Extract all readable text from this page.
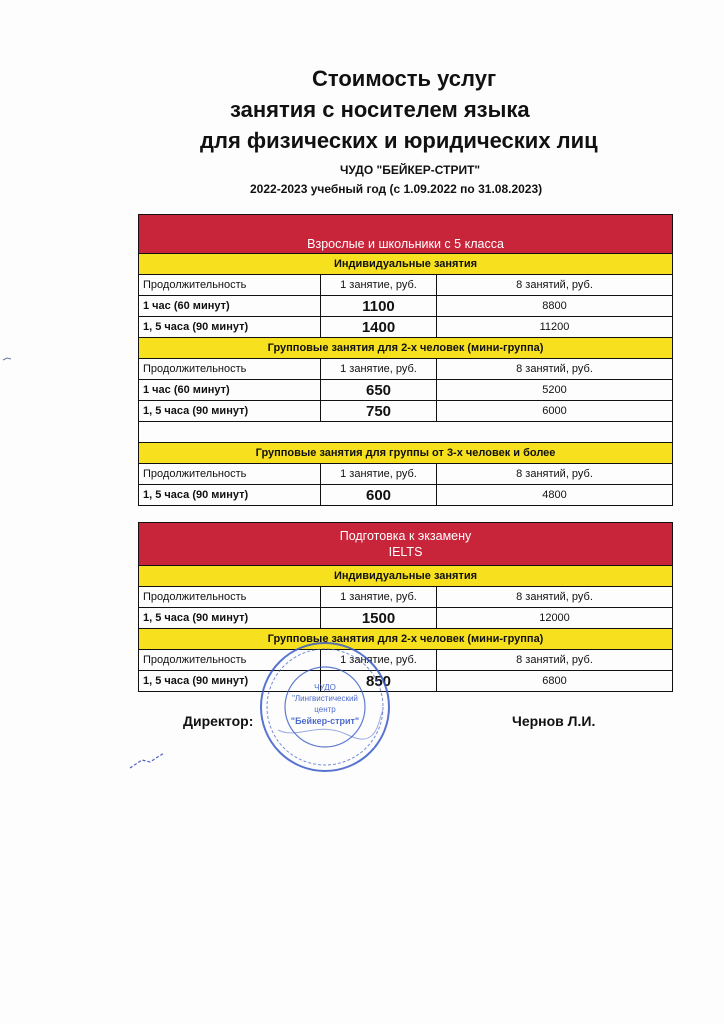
Стоимость услуг
занятия с носителем языка
для физических и юридических лиц
ЧУДО "БЕЙКЕР-СТРИТ"
2022-2023 учебный год (с 1.09.2022 по 31.08.2023)
Взрослые и школьники с 5 класса		
Индивидуальные занятия		
Продолжительность	1 занятие, руб.	8 занятий, руб.
1 час (60 минут)	1100	8800
1, 5 часа (90 минут)	1400	11200
Групповые занятия для 2-х человек (мини-группа)		
Продолжительность	1 занятие, руб.	8 занятий, руб.
1 час (60 минут)	650	5200
1, 5 часа (90 минут)	750	6000

Групповые занятия для группы от 3-х человек и более		
Продолжительность	1 занятие, руб.	8 занятий, руб.
1, 5 часа (90 минут)	600	4800
Подготовка к экзамену
IELTS		

Индивидуальные занятия		
Продолжительность	1 занятие, руб.	8 занятий, руб.
1, 5 часа (90 минут)	1500	12000
Групповые занятия для 2-х человек (мини-группа)		
Продолжительность	1 занятие, руб.	8 занятий, руб.
1, 5 часа (90 минут)	850	6800
Директор:	Чернов Л.И.
ЧУДО
"Лингвистический
центр
"Бейкер-стрит"
